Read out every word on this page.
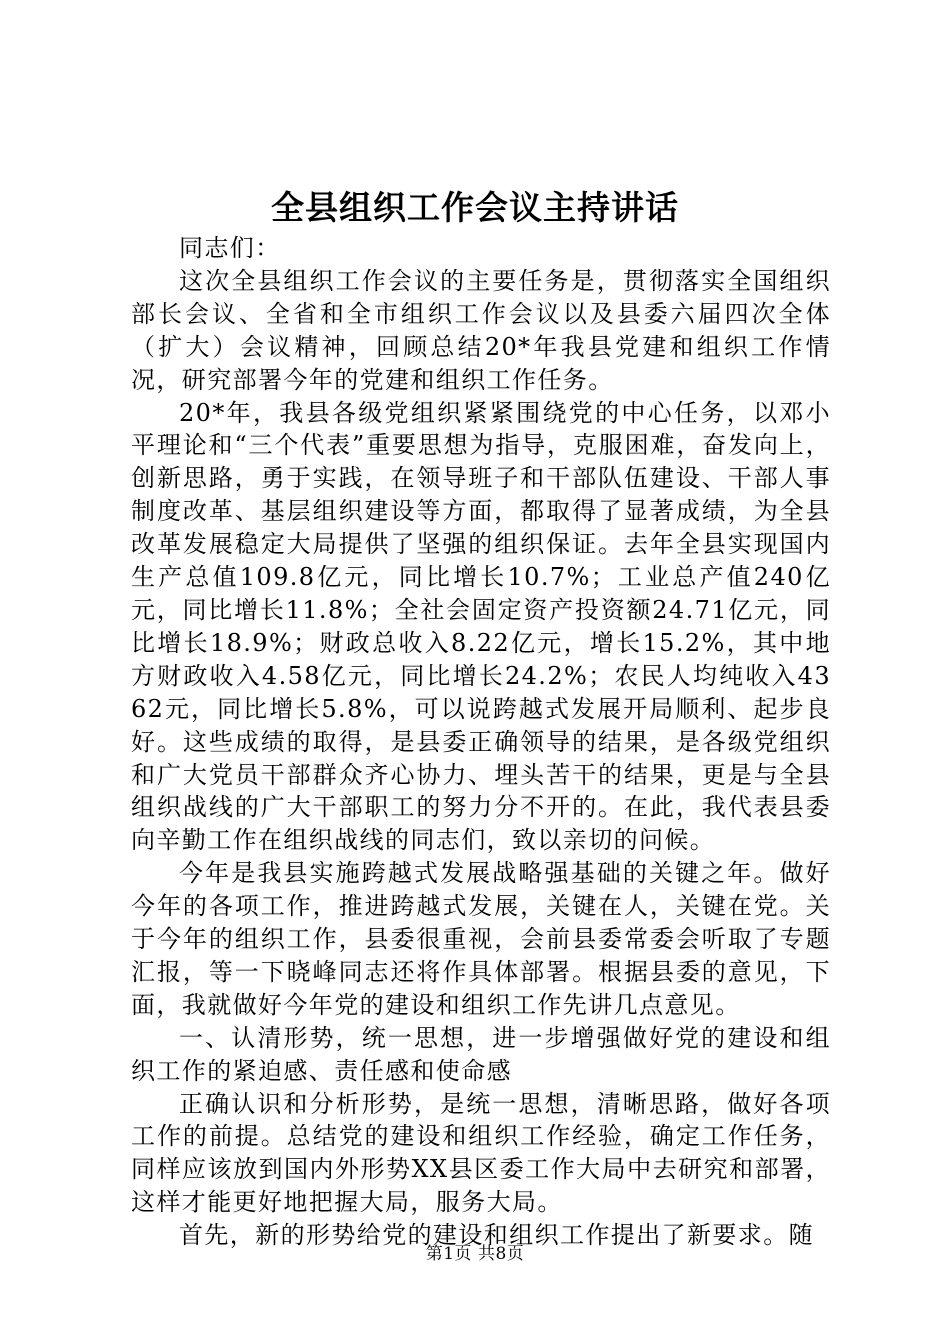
全县组织工作会议主持讲话

同志们：

这次全县组织工作会议的主要任务是，贯彻落实全国组织部长会议、全省和全市组织工作会议以及县委六届四次全体（扩大）会议精神，回顾总结20*年我县党建和组织工作情况，研究部署今年的党建和组织工作任务。

20*年，我县各级党组织紧紧围绕党的中心任务，以邓小平理论和“三个代表”重要思想为指导，克服困难，奋发向上，创新思路，勇于实践，在领导班子和干部队伍建设、干部人事制度改革、基层组织建设等方面，都取得了显著成绩，为全县改革发展稳定大局提供了坚强的组织保证。去年全县实现国内生产总值109.8亿元，同比增长10.7%；工业总产值240亿元，同比增长11.8%；全社会固定资产投资额24.71亿元，同比增长18.9%；财政总收入8.22亿元，增长15.2%，其中地方财政收入4.58亿元，同比增长24.2%；农民人均纯收入4362元，同比增长5.8%，可以说跨越式发展开局顺利、起步良好。这些成绩的取得，是县委正确领导的结果，是各级党组织和广大党员干部群众齐心协力、埋头苦干的结果，更是与全县组织战线的广大干部职工的努力分不开的。在此，我代表县委向辛勤工作在组织战线的同志们，致以亲切的问候。

今年是我县实施跨越式发展战略强基础的关键之年。做好今年的各项工作，推进跨越式发展，关键在人，关键在党。关于今年的组织工作，县委很重视，会前县委常委会听取了专题汇报，等一下晓峰同志还将作具体部署。根据县委的意见，下面，我就做好今年党的建设和组织工作先讲几点意见。

一、认清形势，统一思想，进一步增强做好党的建设和组织工作的紧迫感、责任感和使命感

正确认识和分析形势，是统一思想，清晰思路，做好各项工作的前提。总结党的建设和组织工作经验，确定工作任务，同样应该放到国内外形势XX县区委工作大局中去研究和部署，这样才能更好地把握大局，服务大局。

首先，新的形势给党的建设和组织工作提出了新要求。随

第1页 共8页
